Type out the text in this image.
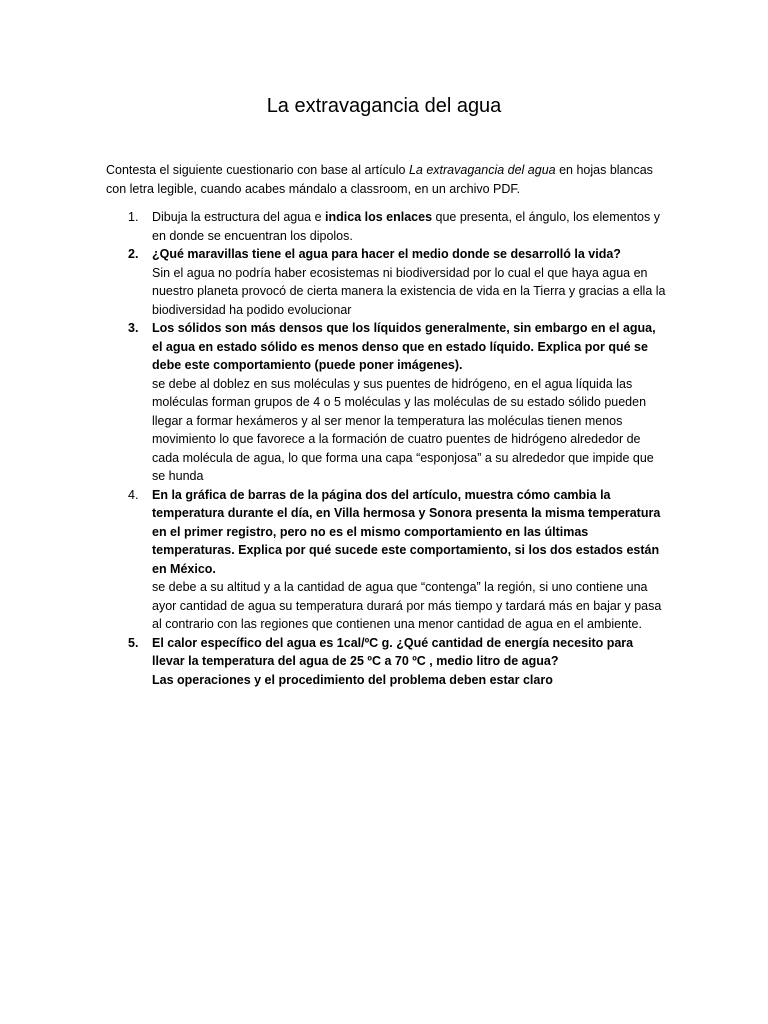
La extravagancia del agua

Contesta el siguiente cuestionario con base al artículo La extravagancia del agua en hojas blancas con letra legible, cuando acabes mándalo a classroom, en un archivo PDF.

1. Dibuja la estructura del agua e indica los enlaces que presenta, el ángulo, los elementos y en donde se encuentran los dipolos.
2. ¿Qué maravillas tiene el agua para hacer el medio donde se desarrolló la vida?
Sin el agua no podría haber ecosistemas ni biodiversidad por lo cual el que haya agua en nuestro planeta provocó de cierta manera la existencia de vida en la Tierra y gracias a ella la biodiversidad ha podido evolucionar
3. Los sólidos son más densos que los líquidos generalmente, sin embargo en el agua, el agua en estado sólido es menos denso que en estado líquido. Explica por qué se debe este comportamiento (puede poner imágenes).
se debe al doblez en sus moléculas y sus puentes de hidrógeno, en el agua líquida las moléculas forman grupos de 4 o 5 moléculas y las moléculas de su estado sólido pueden llegar a formar hexámeros y al ser menor la temperatura las moléculas tienen menos movimiento lo que favorece a la formación de cuatro puentes de hidrógeno alrededor de cada molécula de agua, lo que forma una capa “esponjosa” a su alrededor que impide que se hunda
4. En la gráfica de barras de la página dos del artículo, muestra cómo cambia la temperatura durante el día, en Villa hermosa y Sonora presenta la misma temperatura en el primer registro, pero no es el mismo comportamiento en las últimas temperaturas. Explica por qué sucede este comportamiento, si los dos estados están en México.
se debe a su altitud y a la cantidad de agua que “contenga” la región, si uno contiene una ayor cantidad de agua su temperatura durará por más tiempo y tardará más en bajar y pasa al contrario con las regiones que contienen una menor cantidad de agua en el ambiente.
5. El calor específico del agua es 1cal/ºC g. ¿Qué cantidad de energía necesito para llevar la temperatura del agua de 25 ºC a 70 ºC , medio litro de agua?
Las operaciones y el procedimiento del problema deben estar claro
